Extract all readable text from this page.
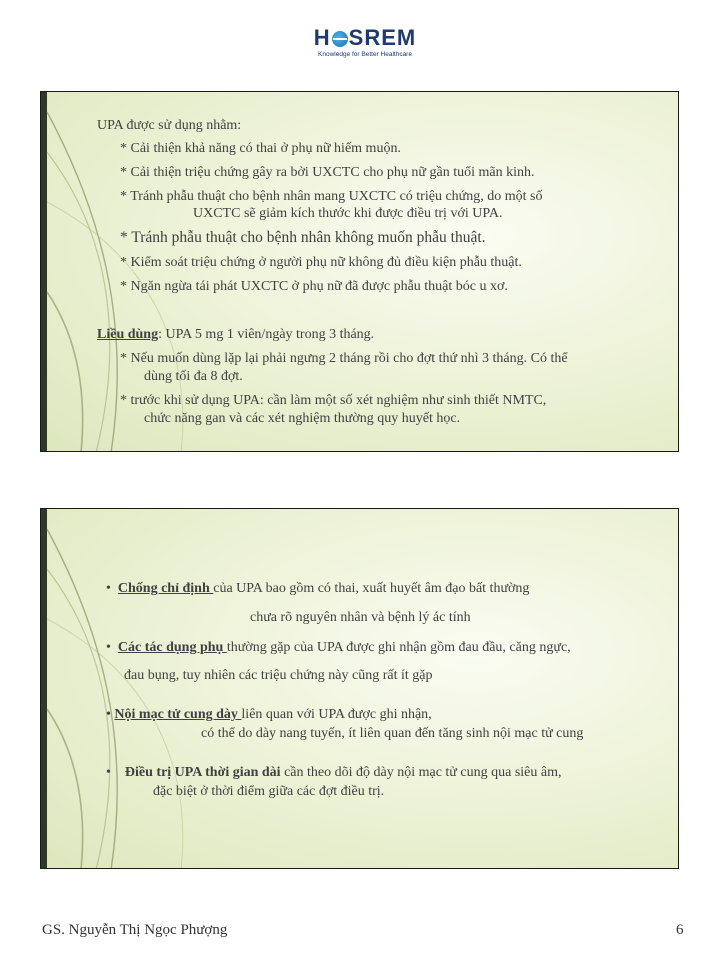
H SREM
Knowledge for Better Healthcare
UPA được sử dụng nhằm:
* Cải thiện khả năng có thai ở phụ nữ hiếm muộn.
* Cải thiện triệu chứng gây ra bởi UXCTC cho phụ nữ gần tuổi mãn kinh.
* Tránh phẫu thuật cho bệnh nhân mang UXCTC có triệu chứng, do một số
UXCTC sẽ giảm kích thước khi được điều trị với UPA.
* Tránh phẫu thuật cho bệnh nhân không muốn phẫu thuật.
* Kiểm soát triệu chứng ở người phụ nữ không đủ điều kiện phẫu thuật.
* Ngăn ngừa tái phát UXCTC ở phụ nữ đã được phẫu thuật bóc u xơ.
Liều dùng: UPA 5 mg 1 viên/ngày trong 3 tháng.
* Nếu muốn dùng lặp lại phải ngưng 2 tháng rồi cho đợt thứ nhì 3 tháng. Có thể
dùng tối đa 8 đợt.
* trước khi sử dụng UPA: cần làm một số xét nghiệm như sinh thiết NMTC,
chức năng gan và các xét nghiệm thường quy huyết học.
•  Chống chỉ định của UPA bao gồm có thai, xuất huyết âm đạo bất thường
chưa rõ nguyên nhân và bệnh lý ác tính
•  Các tác dụng phụ thường gặp của UPA được ghi nhận gồm đau đầu, căng ngực,
đau bụng, tuy nhiên các triệu chứng này cũng rất ít gặp
• Nội mạc tử cung dày liên quan với UPA được ghi nhận,
có thể do dày nang tuyến, ít liên quan đến tăng sinh nội mạc tử cung
•    Điều trị UPA thời gian dài cần theo dõi độ dày nội mạc tử cung qua siêu âm,
đặc biệt ở thời điểm giữa các đợt điều trị.
GS. Nguyễn Thị Ngọc Phượng	6
